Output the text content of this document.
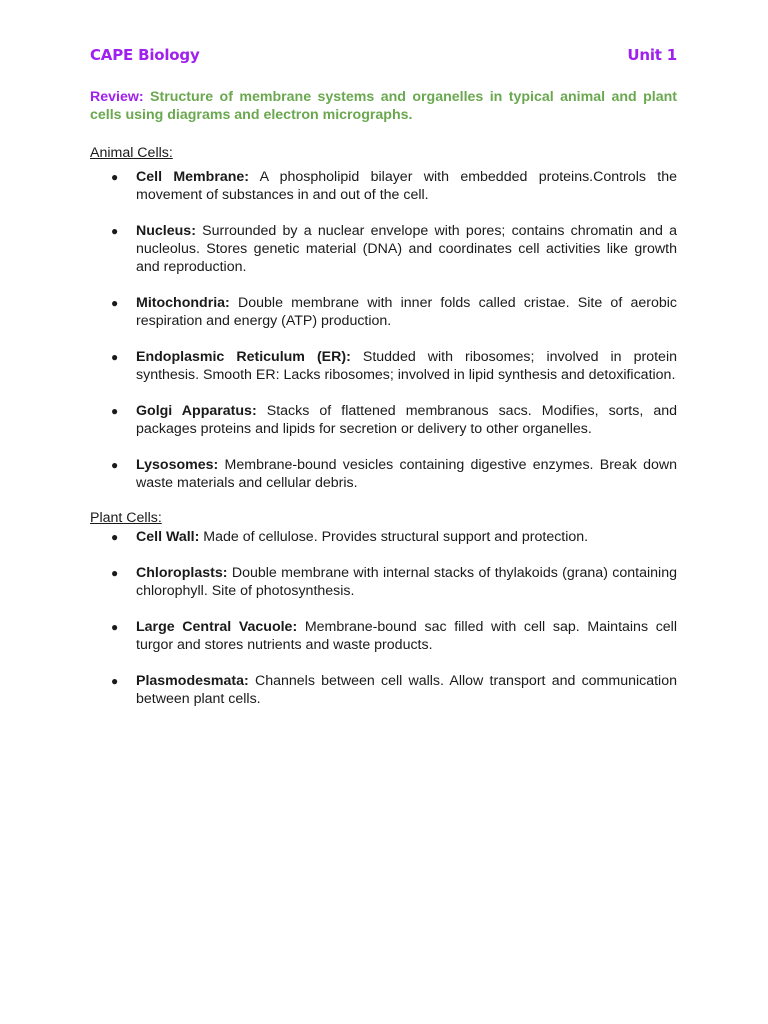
CAPE Biology	Unit 1
Review: Structure of membrane systems and organelles in typical animal and plant cells using diagrams and electron micrographs.
Animal Cells:
● Cell Membrane: A phospholipid bilayer with embedded proteins.Controls the movement of substances in and out of the cell.
● Nucleus: Surrounded by a nuclear envelope with pores; contains chromatin and a nucleolus. Stores genetic material (DNA) and coordinates cell activities like growth and reproduction.
● Mitochondria: Double membrane with inner folds called cristae. Site of aerobic respiration and energy (ATP) production.
● Endoplasmic Reticulum (ER): Studded with ribosomes; involved in protein synthesis. Smooth ER: Lacks ribosomes; involved in lipid synthesis and detoxification.
● Golgi Apparatus: Stacks of flattened membranous sacs. Modifies, sorts, and packages proteins and lipids for secretion or delivery to other organelles.
● Lysosomes: Membrane-bound vesicles containing digestive enzymes. Break down waste materials and cellular debris.
Plant Cells:
● Cell Wall: Made of cellulose. Provides structural support and protection.
● Chloroplasts: Double membrane with internal stacks of thylakoids (grana) containing chlorophyll. Site of photosynthesis.
● Large Central Vacuole: Membrane-bound sac filled with cell sap. Maintains cell turgor and stores nutrients and waste products.
● Plasmodesmata: Channels between cell walls. Allow transport and communication between plant cells.
